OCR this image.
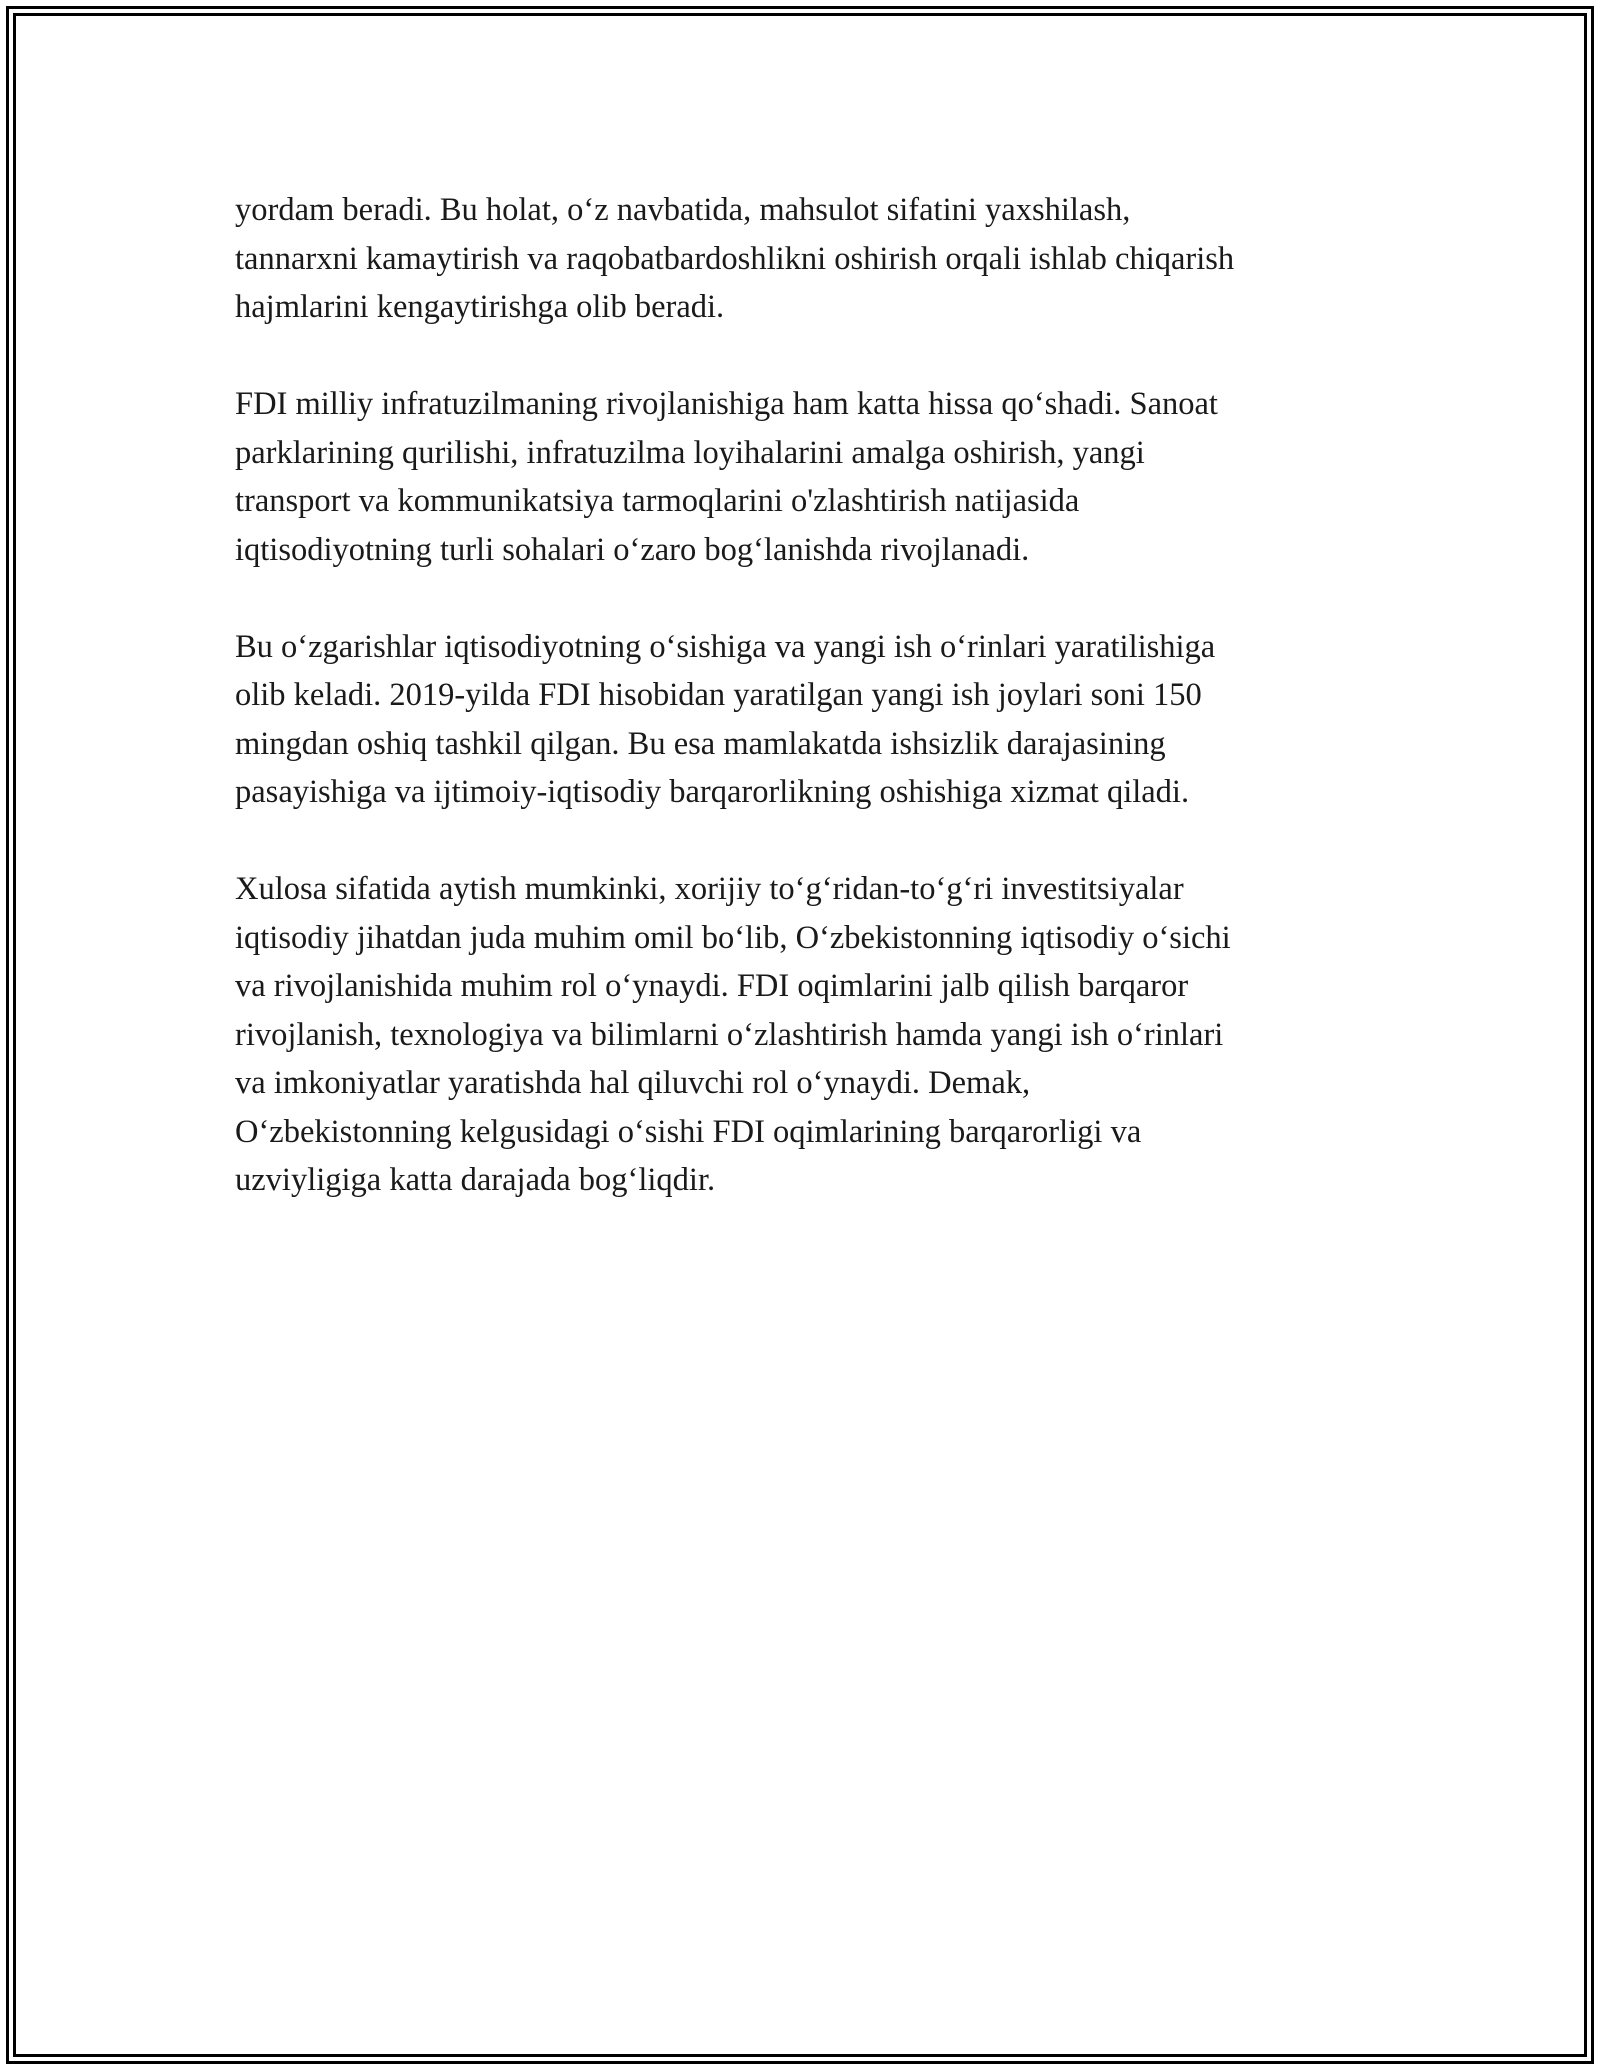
yordam beradi. Bu holat, o‘z navbatida, mahsulot sifatini yaxshilash,
tannarxni kamaytirish va raqobatbardoshlikni oshirish orqali ishlab chiqarish
hajmlarini kengaytirishga olib beradi.

FDI milliy infratuzilmaning rivojlanishiga ham katta hissa qo‘shadi. Sanoat
parklarining qurilishi, infratuzilma loyihalarini amalga oshirish, yangi
transport va kommunikatsiya tarmoqlarini o'zlashtirish natijasida
iqtisodiyotning turli sohalari o‘zaro bog‘lanishda rivojlanadi.

Bu o‘zgarishlar iqtisodiyotning o‘sishiga va yangi ish o‘rinlari yaratilishiga
olib keladi. 2019-yilda FDI hisobidan yaratilgan yangi ish joylari soni 150
mingdan oshiq tashkil qilgan. Bu esa mamlakatda ishsizlik darajasining
pasayishiga va ijtimoiy-iqtisodiy barqarorlikning oshishiga xizmat qiladi.

Xulosa sifatida aytish mumkinki, xorijiy to‘g‘ridan-to‘g‘ri investitsiyalar
iqtisodiy jihatdan juda muhim omil bo‘lib, O‘zbekistonning iqtisodiy o‘sichi
va rivojlanishida muhim rol o‘ynaydi. FDI oqimlarini jalb qilish barqaror
rivojlanish, texnologiya va bilimlarni o‘zlashtirish hamda yangi ish o‘rinlari
va imkoniyatlar yaratishda hal qiluvchi rol o‘ynaydi. Demak,
O‘zbekistonning kelgusidagi o‘sishi FDI oqimlarining barqarorligi va
uzviyligiga katta darajada bog‘liqdir.
